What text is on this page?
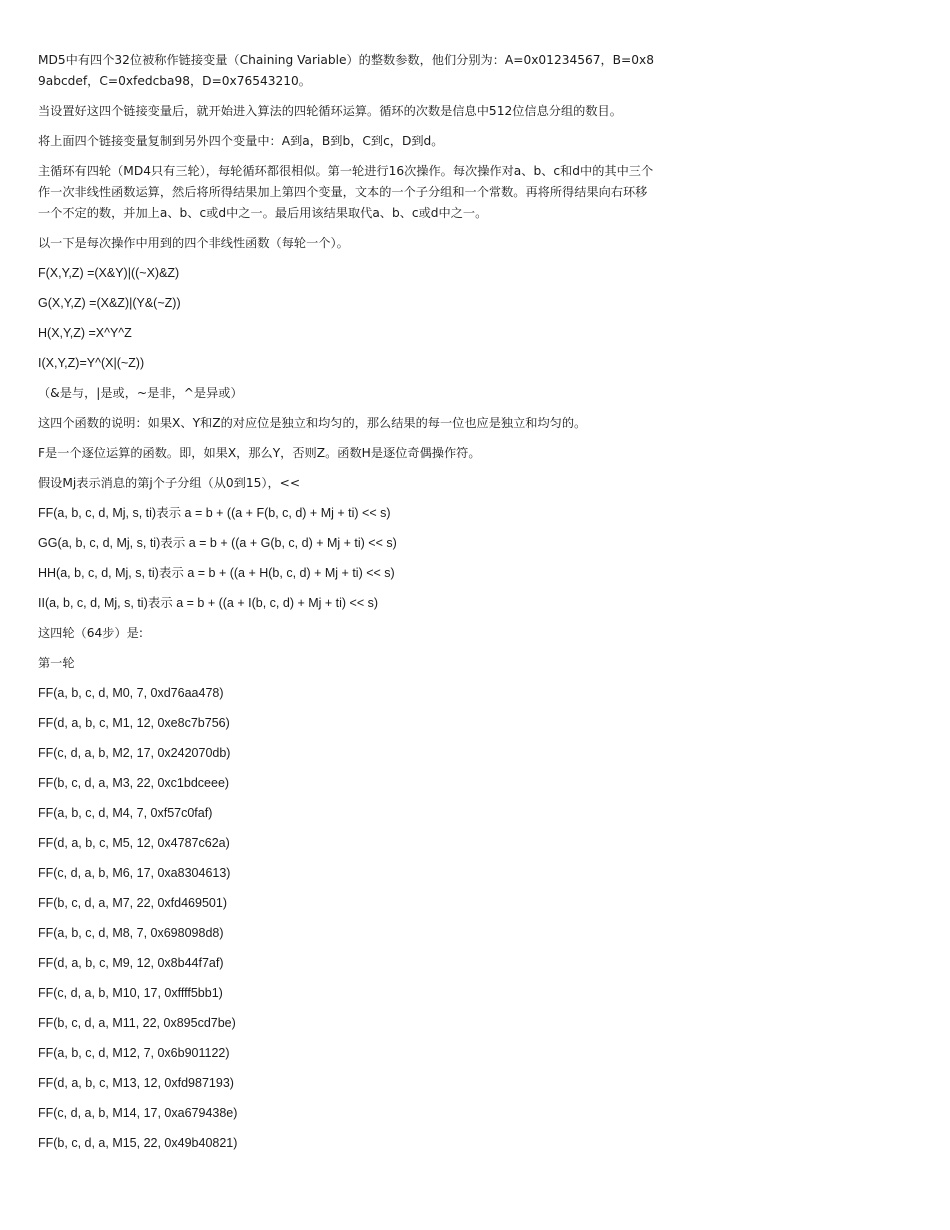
MD5中有四个32位被称作链接变量（Chaining Variable）的整数参数，他们分别为：A=0x01234567，B=0x89abcdef，C=0xfedcba98，D=0x76543210。

当设置好这四个链接变量后，就开始进入算法的四轮循环运算。循环的次数是信息中512位信息分组的数目。

将上面四个链接变量复制到另外四个变量中：A到a，B到b，C到c，D到d。

主循环有四轮（MD4只有三轮），每轮循环都很相似。第一轮进行16次操作。每次操作对a、b、c和d中的其中三个作一次非线性函数运算，然后将所得结果加上第四个变量，文本的一个子分组和一个常数。再将所得结果向右环移一个不定的数，并加上a、b、c或d中之一。最后用该结果取代a、b、c或d中之一。

以一下是每次操作中用到的四个非线性函数（每轮一个）。

F(X,Y,Z) =(X&Y)|((~X)&Z)

G(X,Y,Z) =(X&Z)|(Y&(~Z))

H(X,Y,Z) =X^Y^Z

I(X,Y,Z)=Y^(X|(~Z))

（&是与，|是或，~是非，^是异或）

这四个函数的说明：如果X、Y和Z的对应位是独立和均匀的，那么结果的每一位也应是独立和均匀的。

F是一个逐位运算的函数。即，如果X，那么Y，否则Z。函数H是逐位奇偶操作符。

假设Mj表示消息的第j个子分组（从0到15），<<

FF(a, b, c, d, Mj, s, ti)表示 a = b + ((a + F(b, c, d) + Mj + ti) << s)

GG(a, b, c, d, Mj, s, ti)表示 a = b + ((a + G(b, c, d) + Mj + ti) << s)

HH(a, b, c, d, Mj, s, ti)表示 a = b + ((a + H(b, c, d) + Mj + ti) << s)

II(a, b, c, d, Mj, s, ti)表示 a = b + ((a + I(b, c, d) + Mj + ti) << s)

这四轮（64步）是:

第一轮

FF(a, b, c, d, M0, 7, 0xd76aa478)

FF(d, a, b, c, M1, 12, 0xe8c7b756)

FF(c, d, a, b, M2, 17, 0x242070db)

FF(b, c, d, a, M3, 22, 0xc1bdceee)

FF(a, b, c, d, M4, 7, 0xf57c0faf)

FF(d, a, b, c, M5, 12, 0x4787c62a)

FF(c, d, a, b, M6, 17, 0xa8304613)

FF(b, c, d, a, M7, 22, 0xfd469501)

FF(a, b, c, d, M8, 7, 0x698098d8)

FF(d, a, b, c, M9, 12, 0x8b44f7af)

FF(c, d, a, b, M10, 17, 0xffff5bb1)

FF(b, c, d, a, M11, 22, 0x895cd7be)

FF(a, b, c, d, M12, 7, 0x6b901122)

FF(d, a, b, c, M13, 12, 0xfd987193)

FF(c, d, a, b, M14, 17, 0xa679438e)

FF(b, c, d, a, M15, 22, 0x49b40821)
